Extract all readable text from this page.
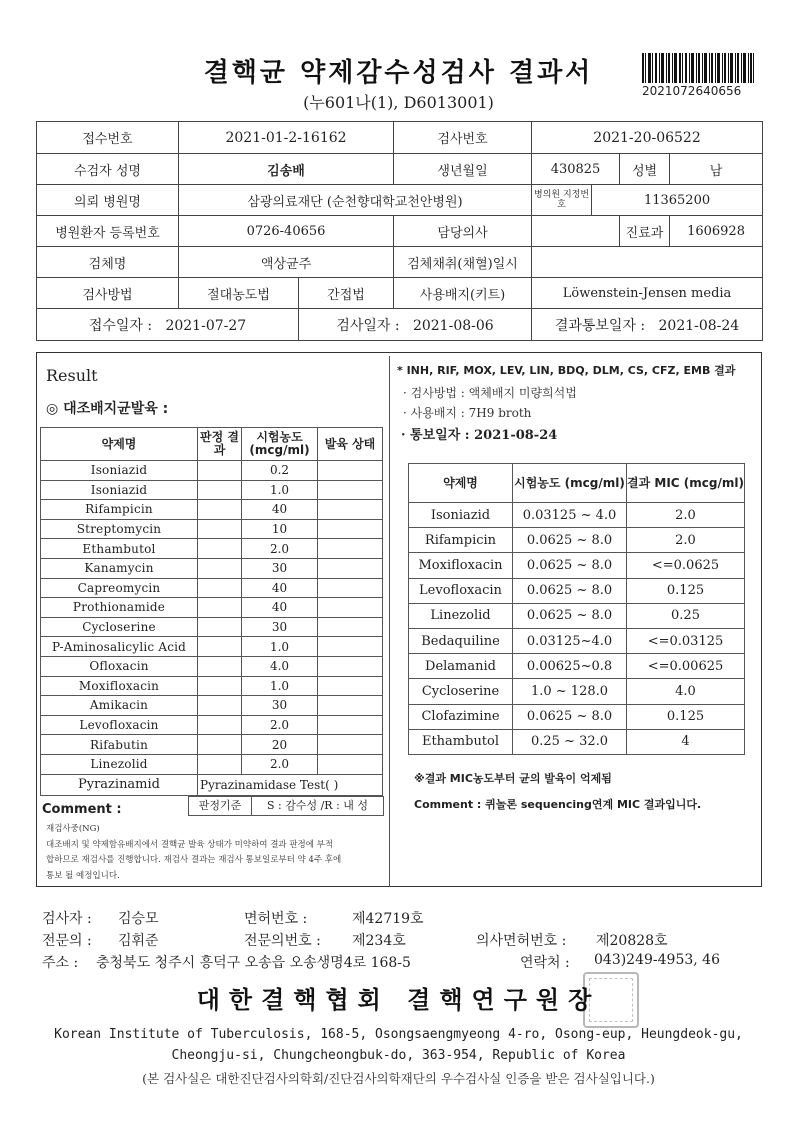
결핵균 약제감수성검사 결과서
(누601나(1), D6013001)
2021072640656
접수번호	2021-01-2-16162		검사번호	2021-20-06522			
수검자 성명	김송배		생년월일	430825		성별	남
의뢰 병원명	삼광의료재단 (순천향대학교천안병원)			병의원 지정번호	11365200		
병원환자 등록번호	0726-40656		담당의사			진료과	1606928
검체명	액상균주		검체채취(채혈)일시				
검사방법	절대농도법	간접법	사용배지(키트)	Löwenstein-Jensen media			
접수일자 : 2021-07-27		검사일자 : 2021-08-06		결과통보일자 : 2021-08-24			
Result
◎ 대조배지균발육 :
약제명	판정 결과	시험농도 (mcg/ml)	발육 상태
Isoniazid		0.2	
Isoniazid		1.0	
Rifampicin		40	
Streptomycin		10	
Ethambutol		2.0	
Kanamycin		30	
Capreomycin		40	
Prothionamide		40	
Cycloserine		30	
P-Aminosalicylic Acid		1.0	
Ofloxacin		4.0	
Moxifloxacin		1.0	
Amikacin		30	
Levofloxacin		2.0	
Rifabutin		20	
Linezolid		2.0	
Pyrazinamid	Pyrazinamidase Test( )		
Comment :	판정기준	S : 감수성 /R : 내 성
재검사중(NG)
대조배지 및 약제함유배지에서 결핵균 발육 상태가 미약하여 결과 판정에 부적
합하므로 재검사를 진행합니다. 재검사 결과는 재검사 통보일로부터 약 4주 후에
통보 될 예정입니다.
* INH, RIF, MOX, LEV, LIN, BDQ, DLM, CS, CFZ, EMB 결과
· 검사방법 : 액체배지 미량희석법
· 사용배지 : 7H9 broth
· 통보일자 : 2021-08-24
약제명	시험농도 (mcg/ml)	결과 MIC (mcg/ml)
Isoniazid	0.03125 ~ 4.0	2.0
Rifampicin	0.0625 ~ 8.0	2.0
Moxifloxacin	0.0625 ~ 8.0	<=0.0625
Levofloxacin	0.0625 ~ 8.0	0.125
Linezolid	0.0625 ~ 8.0	0.25
Bedaquiline	0.03125~4.0	<=0.03125
Delamanid	0.00625~0.8	<=0.00625
Cycloserine	1.0 ~ 128.0	4.0
Clofazimine	0.0625 ~ 8.0	0.125
Ethambutol	0.25 ~ 32.0	4
※결과 MIC농도부터 균의 발육이 억제됨
Comment : 퀴놀론 sequencing연계 MIC 결과입니다.
검사자 : 김승모	면허번호 :	제42719호
전문의 : 김휘준	전문의번호 : 제234호	의사면허번호 : 제20828호
주소 : 충청북도 청주시 흥덕구 오송읍 오송생명4로 168-5	연락처 : 043)249-4953, 46
대한결핵협회 결핵연구원장
Korean Institute of Tuberculosis, 168-5, Osongsaengmyeong 4-ro, Osong-eup, Heungdeok-gu,
Cheongju-si, Chungcheongbuk-do, 363-954, Republic of Korea
(본 검사실은 대한진단검사의학회/진단검사의학재단의 우수검사실 인증을 받은 검사실입니다.)
